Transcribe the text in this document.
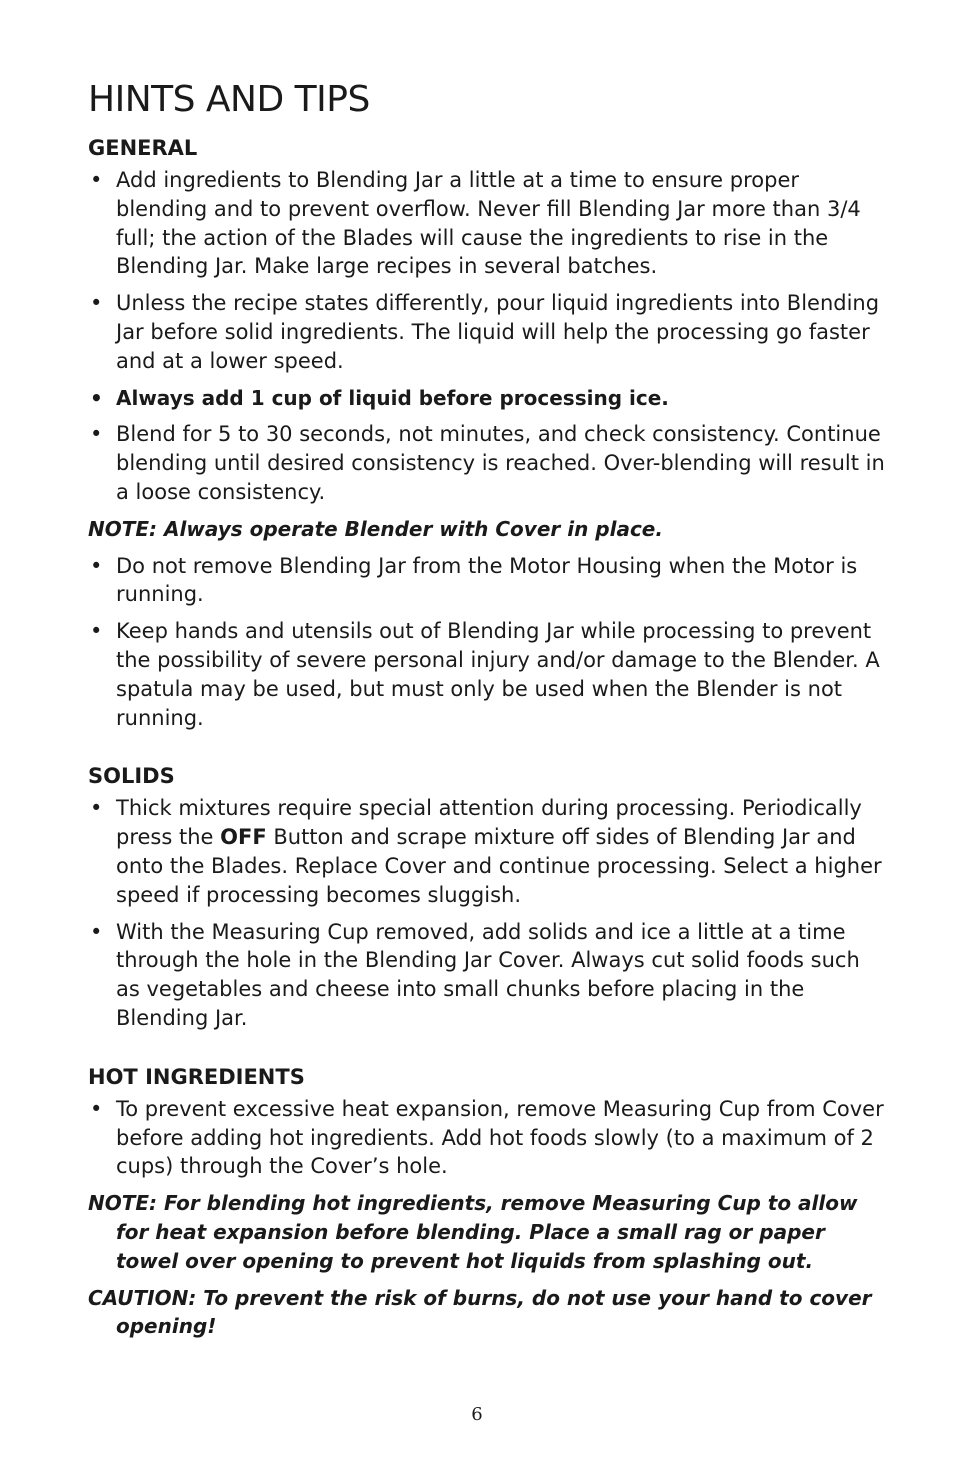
HINTS AND TIPS
GENERAL
• Add ingredients to Blending Jar a little at a time to ensure proper blending and to prevent overflow. Never fill Blending Jar more than 3/4 full; the action of the Blades will cause the ingredients to rise in the Blending Jar. Make large recipes in several batches.
• Unless the recipe states differently, pour liquid ingredients into Blending Jar before solid ingredients. The liquid will help the processing go faster and at a lower speed.
• Always add 1 cup of liquid before processing ice.
• Blend for 5 to 30 seconds, not minutes, and check consistency. Continue blending until desired consistency is reached. Over-blending will result in a loose consistency.

NOTE: Always operate Blender with Cover in place.

• Do not remove Blending Jar from the Motor Housing when the Motor is running.
• Keep hands and utensils out of Blending Jar while processing to prevent the possibility of severe personal injury and/or damage to the Blender. A spatula may be used, but must only be used when the Blender is not running.
SOLIDS
• Thick mixtures require special attention during processing. Periodically press the OFF Button and scrape mixture off sides of Blending Jar and onto the Blades. Replace Cover and continue processing. Select a higher speed if processing becomes sluggish.
• With the Measuring Cup removed, add solids and ice a little at a time through the hole in the Blending Jar Cover. Always cut solid foods such as vegetables and cheese into small chunks before placing in the Blending Jar.
HOT INGREDIENTS
• To prevent excessive heat expansion, remove Measuring Cup from Cover before adding hot ingredients. Add hot foods slowly (to a maximum of 2 cups) through the Cover’s hole.

NOTE: For blending hot ingredients, remove Measuring Cup to allow for heat expansion before blending. Place a small rag or paper towel over opening to prevent hot liquids from splashing out.

CAUTION: To prevent the risk of burns, do not use your hand to cover opening!

6
